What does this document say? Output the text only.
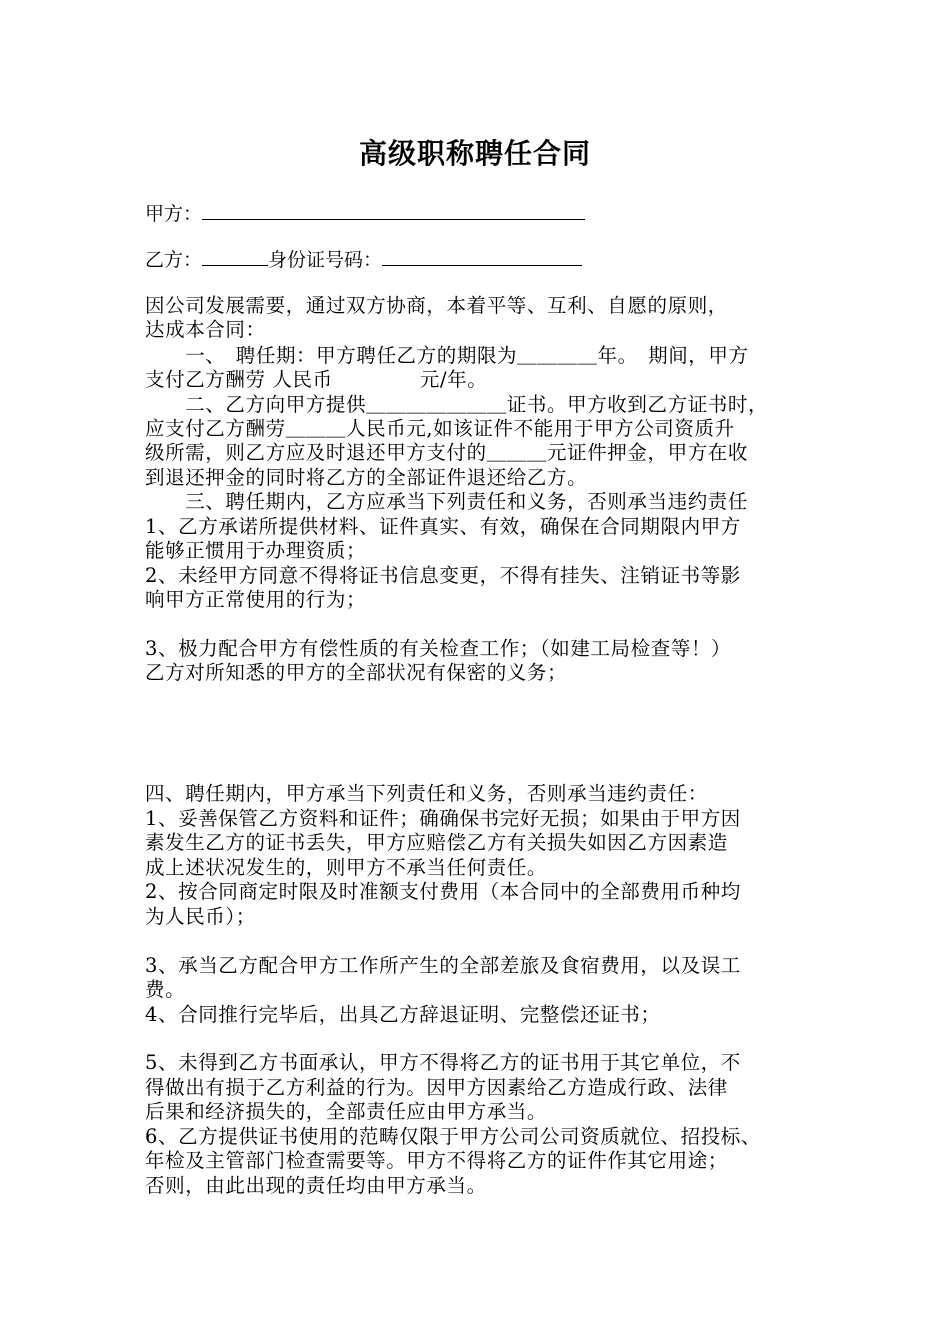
高级职称聘任合同
甲方：
乙方：	身份证号码：
因公司发展需要，通过双方协商，本着平等、互利、自愿的原则，
达成本合同：
　　一、　聘任期：甲方聘任乙方的期限为＿＿＿＿年。　期间，甲方
支付乙方酬劳 人民币　　　　 元/年。
　　二、乙方向甲方提供＿＿＿＿＿＿＿证书。甲方收到乙方证书时，
应支付乙方酬劳＿＿＿人民币元,如该证件不能用于甲方公司资质升
级所需，则乙方应及时退还甲方支付的＿＿＿元证件押金，甲方在收
到退还押金的同时将乙方的全部证件退还给乙方。
　　三、聘任期内，乙方应承当下列责任和义务，否则承当违约责任
1、乙方承诺所提供材料、证件真实、有效，确保在合同期限内甲方
能够正惯用于办理资质；
2、未经甲方同意不得将证书信息变更，不得有挂失、注销证书等影
响甲方正常使用的行为；
3、极力配合甲方有偿性质的有关检查工作；（如建工局检查等！）
乙方对所知悉的甲方的全部状况有保密的义务；
四、聘任期内，甲方承当下列责任和义务，否则承当违约责任：
1、妥善保管乙方资料和证件；确确保书完好无损；如果由于甲方因
素发生乙方的证书丢失，甲方应赔偿乙方有关损失如因乙方因素造
成上述状况发生的，则甲方不承当任何责任。
2、按合同商定时限及时准额支付费用（本合同中的全部费用币种均
为人民币）；
3、承当乙方配合甲方工作所产生的全部差旅及食宿费用，以及误工
费。
4、合同推行完毕后，出具乙方辞退证明、完整偿还证书；
5、未得到乙方书面承认，甲方不得将乙方的证书用于其它单位，不
得做出有损于乙方利益的行为。因甲方因素给乙方造成行政、法律
后果和经济损失的，全部责任应由甲方承当。
6、乙方提供证书使用的范畴仅限于甲方公司公司资质就位、招投标、
年检及主管部门检查需要等。甲方不得将乙方的证件作其它用途；
否则，由此出现的责任均由甲方承当。
